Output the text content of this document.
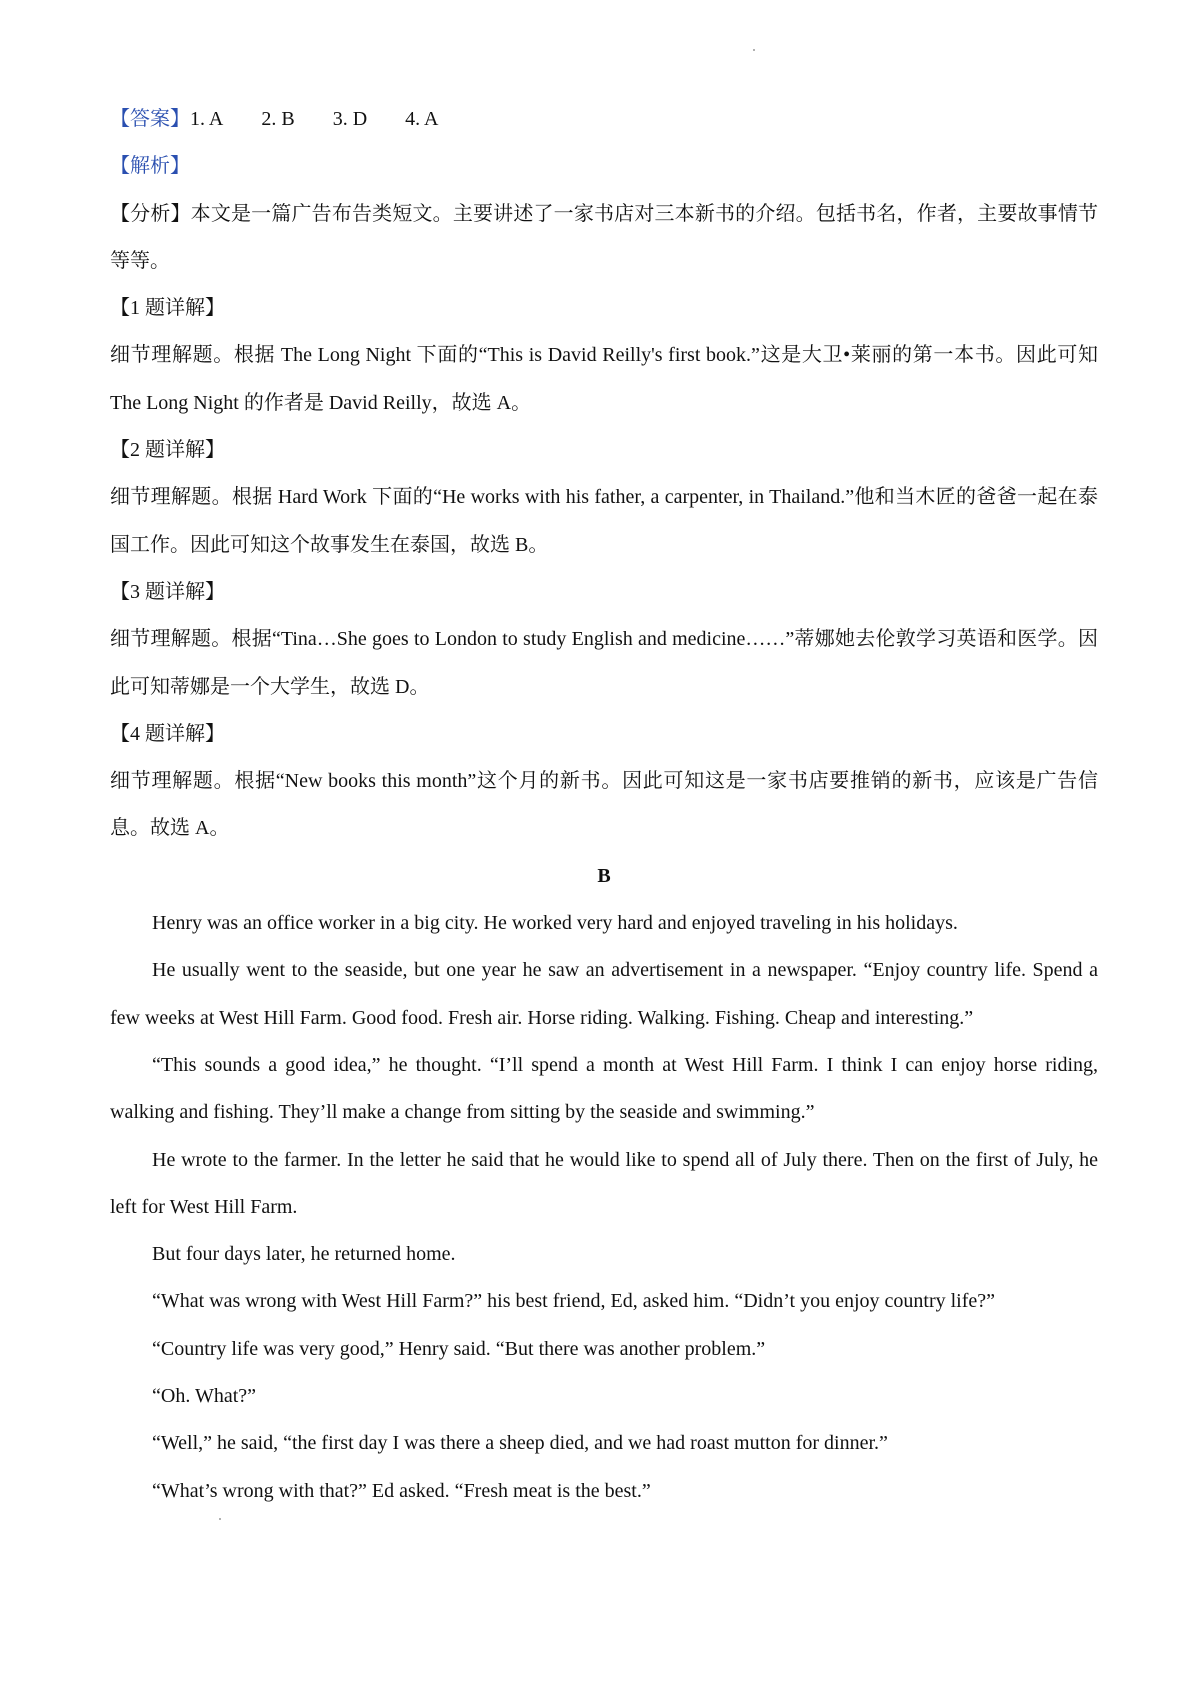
【答案】1. A 2. B 3. D 4. A
【解析】
【分析】本文是一篇广告布告类短文。主要讲述了一家书店对三本新书的介绍。包括书名，作者，主要故事情节等等。
【1 题详解】
细节理解题。根据 The Long Night 下面的“This is David Reilly's first book.”这是大卫•莱丽的第一本书。因此可知 The Long Night 的作者是 David Reilly，故选 A。
【2 题详解】
细节理解题。根据 Hard Work 下面的“He works with his father, a carpenter, in Thailand.”他和当木匠的爸爸一起在泰国工作。因此可知这个故事发生在泰国，故选 B。
【3 题详解】
细节理解题。根据“Tina…She goes to London to study English and medicine……”蒂娜她去伦敦学习英语和医学。因此可知蒂娜是一个大学生，故选 D。
【4 题详解】
细节理解题。根据“New books this month”这个月的新书。因此可知这是一家书店要推销的新书，应该是广告信息。故选 A。
B
Henry was an office worker in a big city. He worked very hard and enjoyed traveling in his holidays.
He usually went to the seaside, but one year he saw an advertisement in a newspaper. “Enjoy country life. Spend a few weeks at West Hill Farm. Good food. Fresh air. Horse riding. Walking. Fishing. Cheap and interesting.”
“This sounds a good idea,” he thought. “I’ll spend a month at West Hill Farm. I think I can enjoy horse riding, walking and fishing. They’ll make a change from sitting by the seaside and swimming.”
He wrote to the farmer. In the letter he said that he would like to spend all of July there. Then on the first of July, he left for West Hill Farm.
But four days later, he returned home.
“What was wrong with West Hill Farm?” his best friend, Ed, asked him. “Didn’t you enjoy country life?”
“Country life was very good,” Henry said. “But there was another problem.”
“Oh. What?”
“Well,” he said, “the first day I was there a sheep died, and we had roast mutton for dinner.”
“What’s wrong with that?” Ed asked. “Fresh meat is the best.”
